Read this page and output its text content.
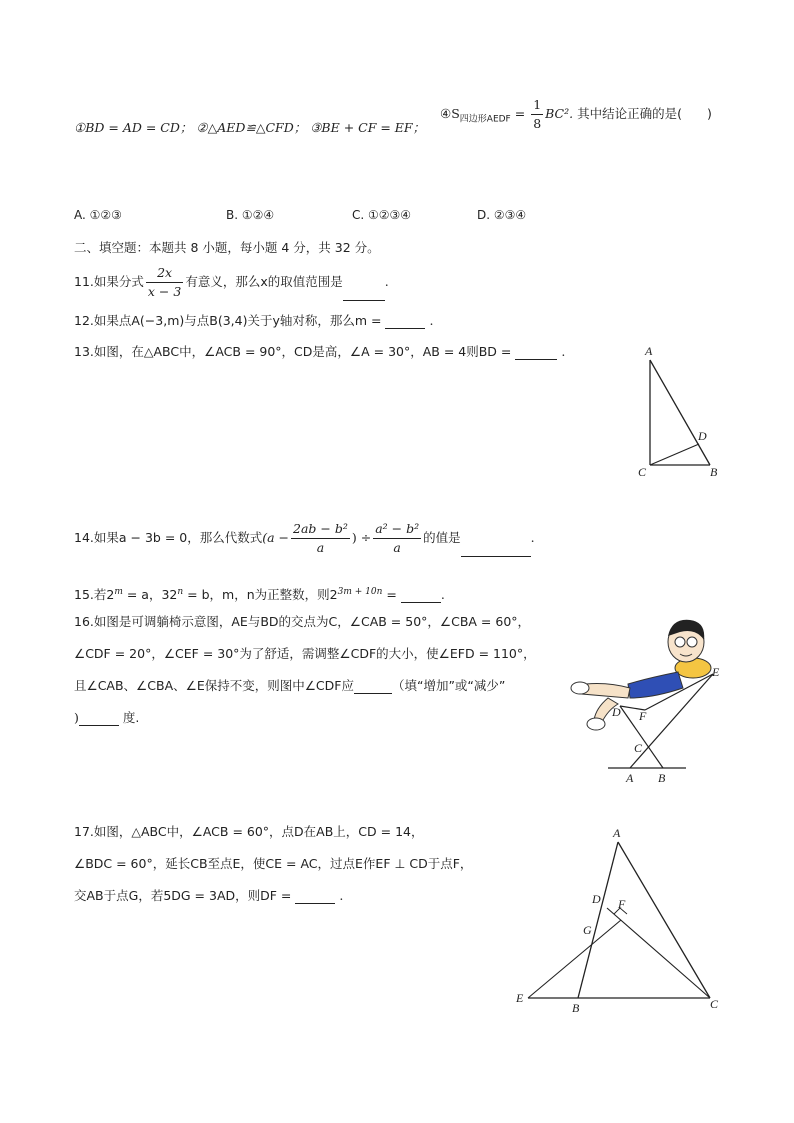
①BD = AD = CD； ②△AED≌△CFD； ③BE + CF = EF；
$④S_{四边形AEDF} = \frac{1}{8} BC^2$. 其中结论正确的是(　　)
A. ①②③	B. ①②④	C. ①②③④	D. ②③④
二、填空题：本题共 8 小题，每小题 4 分，共 32 分。
11.如果分式 $\frac{2x}{x - 3}$ 有意义，那么x的取值范围是	.
12.如果点A(−3,m)与点B(3,4)关于y轴对称，那么m =	.
13.如图，在△ABC中，∠ACB = 90°，CD是高，∠A = 30°，AB = 4则BD =	.	A
C	B
D
14.如果a − 3b = 0，那么代数式($a - \frac{\text{2ab − b²}}{a}$ ) ÷ $\frac{\text{a² − b²}}{a}$ 的值是	.
15.若$2^m = a$，$32^n = b$，m，n为正整数，则$2^{3m + 10n}$ =	.
16.如图是可调躺椅示意图，AE与BD的交点为C，∠CAB = 50°，∠CBA = 60°，
∠CDF = 20°，∠CEF = 30°为了舒适，需调整∠CDF的大小，使∠EFD = 110°，
且∠CAB、∠CBA、∠E保持不变，则图中∠CDF应	（填“增加”或“减少”
)	度.
E
D F
C
A B
17.如图，△ABC中，∠ACB = 60°，点D在AB上，CD = 14，
∠BDC = 60°，延长CB至点E，使CE = AC，过点E作EF ⊥ CD于点F，
交AB于点G，若5DG = 3AD，则DF =	.
A
D F
G
E
B	C
